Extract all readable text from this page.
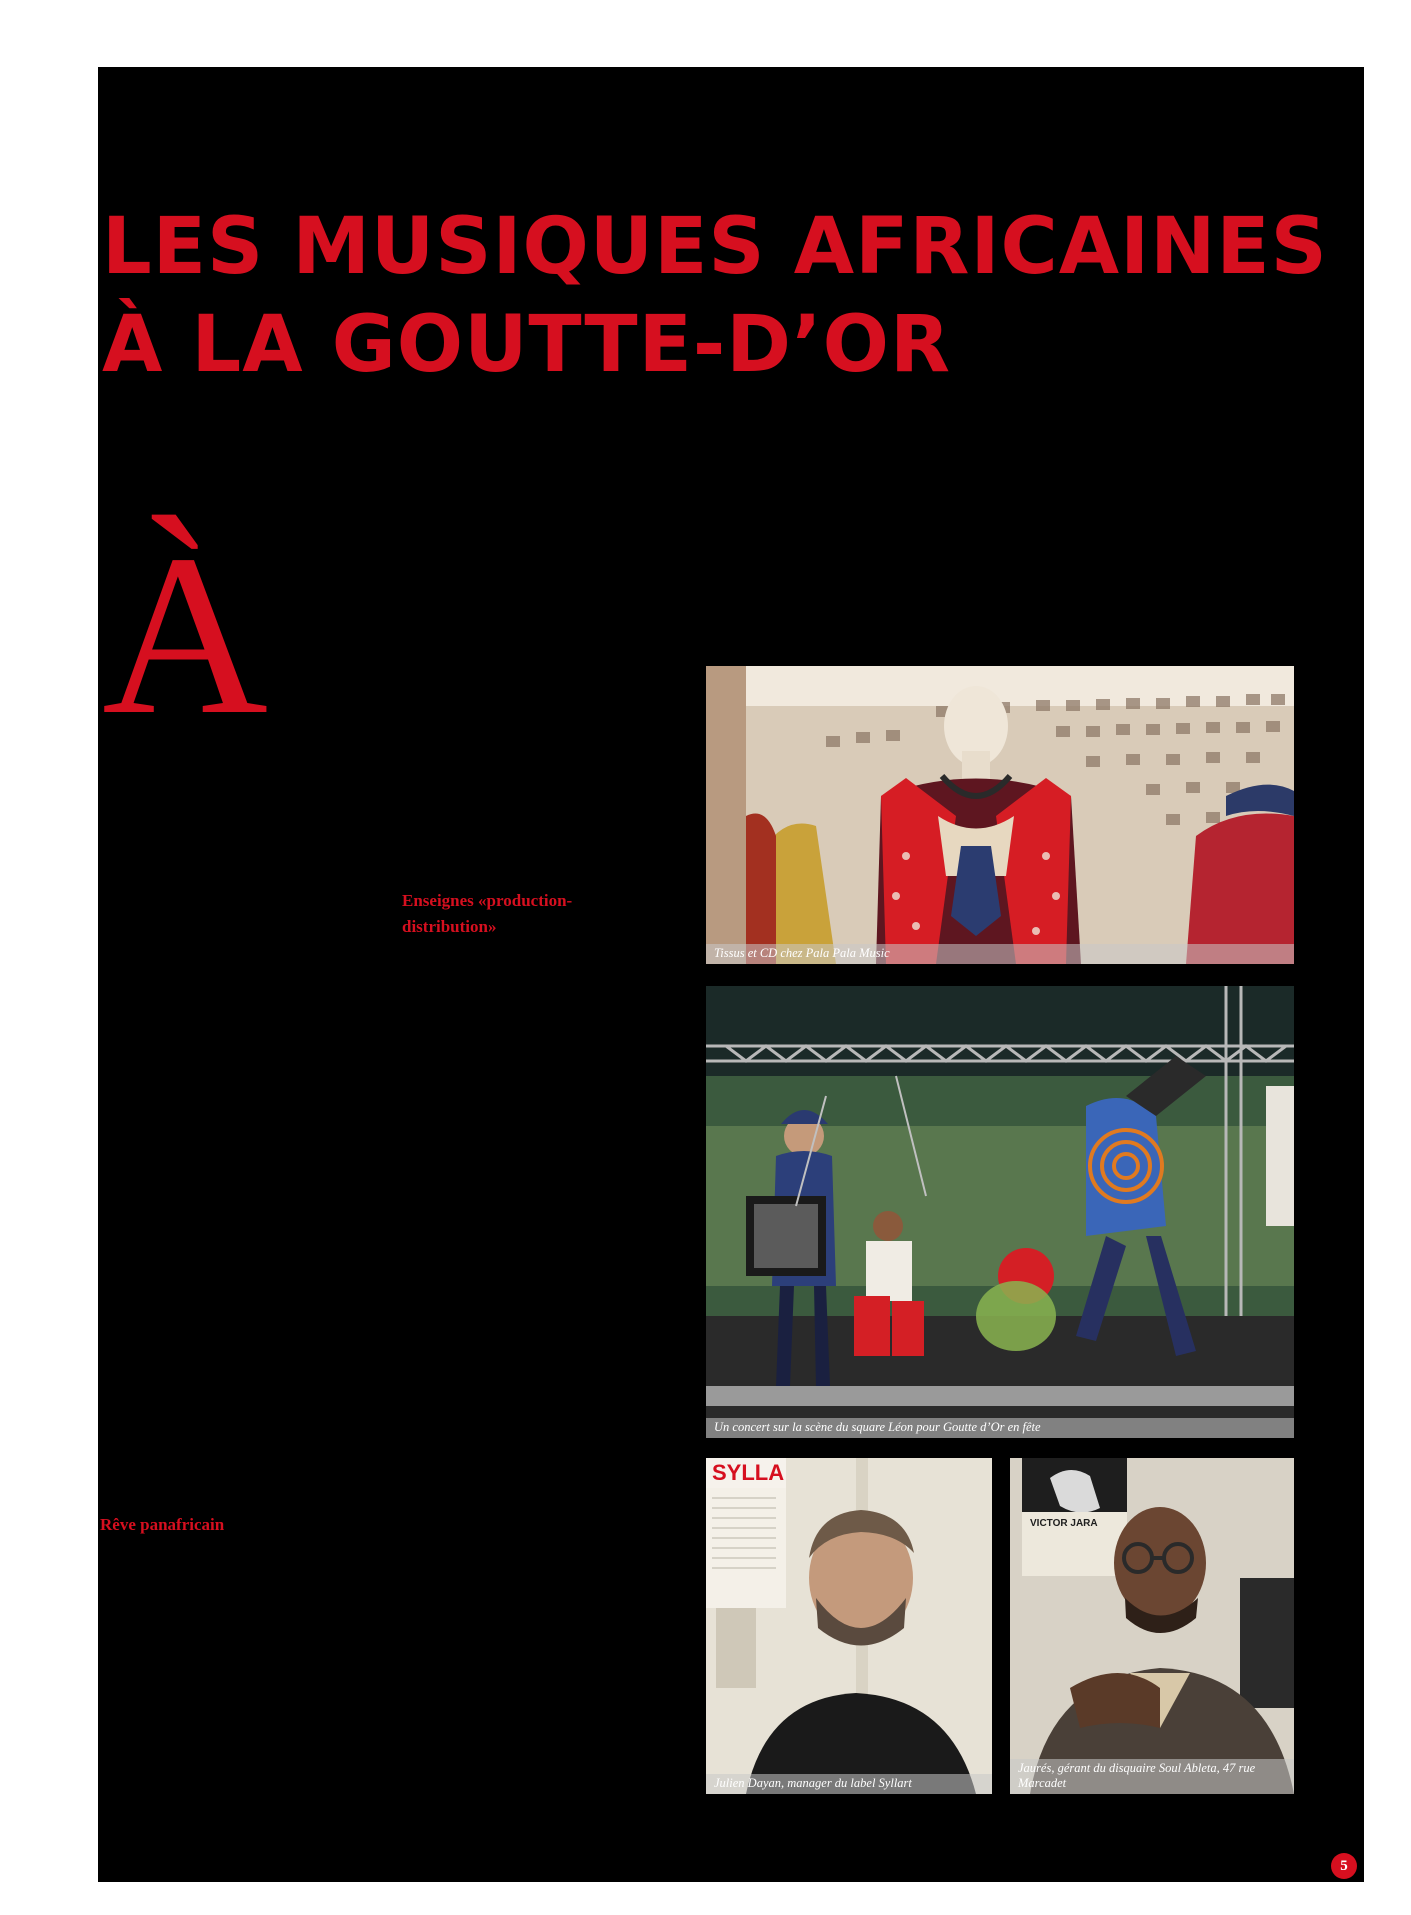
LES MUSIQUES AFRICAINES
À LA GOUTTE-D’OR
À
Enseignes «production-distribution»
Rêve panafricain
Tissus et CD chez Pala Pala Music
Un concert sur la scène du square Léon pour Goutte d’Or en fête
SYLLA
Julien Dayan, manager du label Syllart
VICTOR JARA
Jaurés, gérant du disquaire Soul Ableta, 47 rue Marcadet
5
